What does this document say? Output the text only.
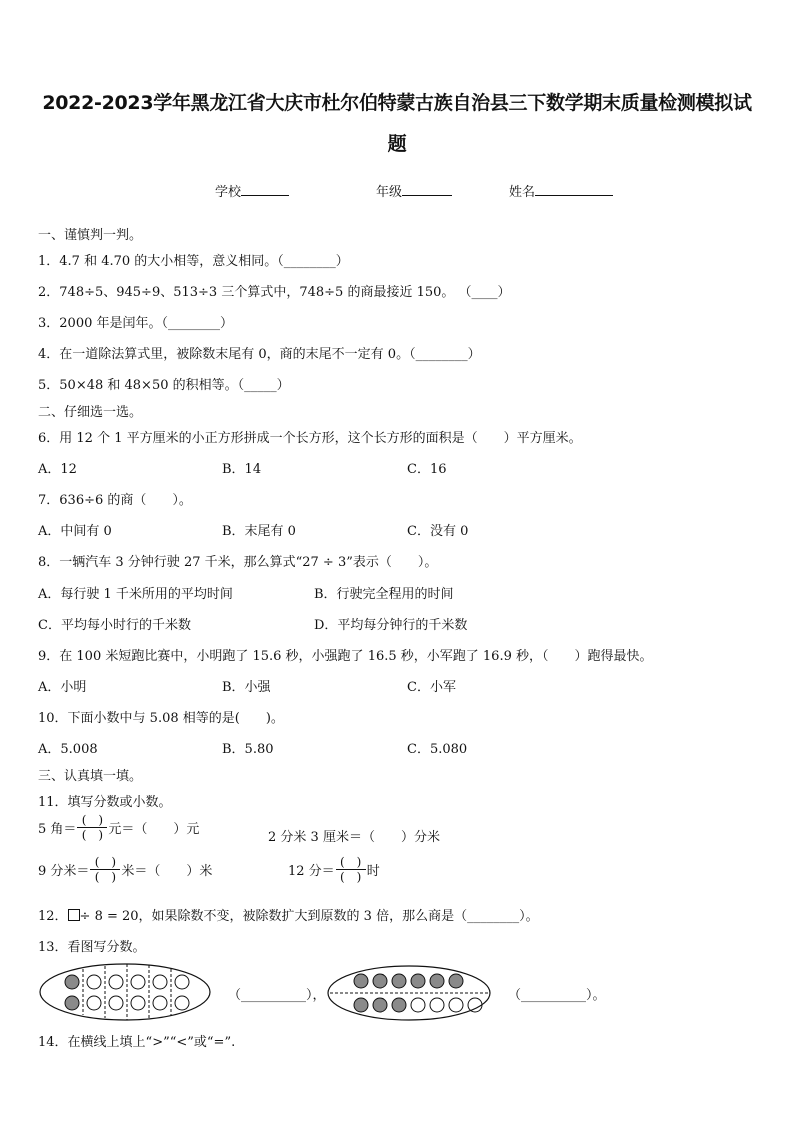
2022-2023学年黑龙江省大庆市杜尔伯特蒙古族自治县三下数学期末质量检测模拟试
题
学校	年级	姓名
一、谨慎判一判。
1．4.7 和 4.70 的大小相等，意义相同。（________）
2．748÷5、945÷9、513÷3 三个算式中，748÷5 的商最接近 150。 （____）
3．2000 年是闰年。（________）
4．在一道除法算式里，被除数末尾有 0，商的末尾不一定有 0。（________）
5．50×48 和 48×50 的积相等。（_____）
二、仔细选一选。
6．用 12 个 1 平方厘米的小正方形拼成一个长方形，这个长方形的面积是（　　）平方厘米。
A．12	B．14	C．16
7．636÷6 的商（　　）。
A．中间有 0	B．末尾有 0	C．没有 0
8．一辆汽车 3 分钟行驶 27 千米，那么算式“27 ÷ 3”表示（　　）。
A．每行驶 1 千米所用的平均时间	B．行驶完全程用的时间
C．平均每小时行的千米数	D．平均每分钟行的千米数
9．在 100 米短跑比赛中，小明跑了 15.6 秒，小强跑了 16.5 秒，小军跑了 16.9 秒，（　　）跑得最快。
A．小明	B．小强	C．小军
10．下面小数中与 5.08 相等的是(　　)。
A．5.008	B．5.80	C．5.080
三、认真填一填。
11．填写分数或小数。
5 角＝ $\frac{( )}{( )}$ 元＝（　　）元
2 分米 3 厘米＝（　　）分米
9 分米＝ $\frac{( )}{( )}$ 米＝（　　）米	12 分＝ $\frac{( )}{( )}$ 时
12． ÷ 8 = 20，如果除数不变，被除数扩大到原数的 3 倍，那么商是（________）。
13．看图写分数。
（__________），	（__________）。
14．在横线上填上“>”“<”或“=”.
